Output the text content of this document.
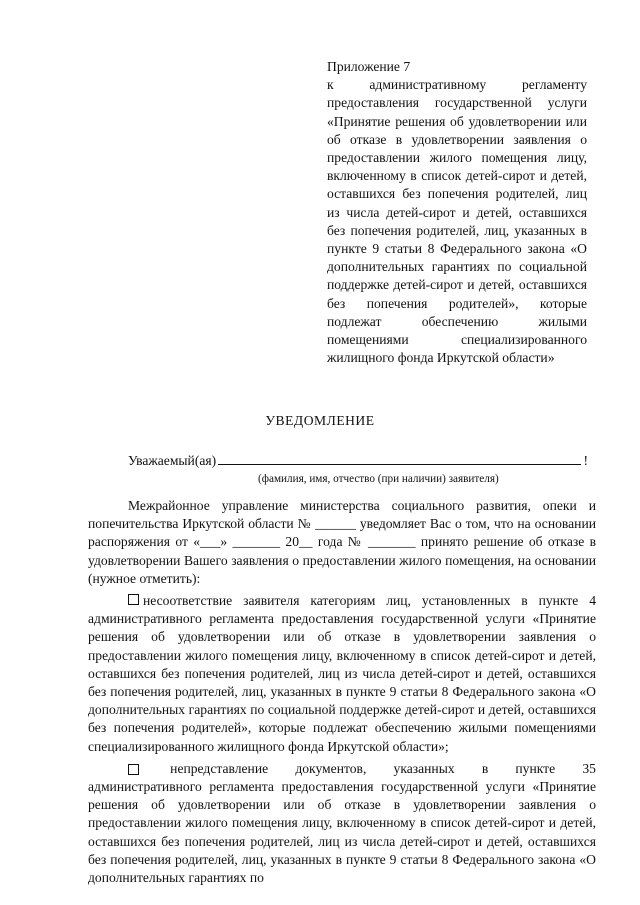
Приложение 7
к административному регламенту предоставления государственной услуги «Принятие решения об удовлетворении или об отказе в удовлетворении заявления о предоставлении жилого помещения лицу, включенному в список детей-сирот и детей, оставшихся без попечения родителей, лиц из числа детей-сирот и детей, оставшихся без попечения родителей, лиц, указанных в пункте 9 статьи 8 Федерального закона «О дополнительных гарантиях по социальной поддержке детей-сирот и детей, оставшихся без попечения родителей», которые подлежат обеспечению жилыми помещениями специализированного жилищного фонда Иркутской области»
УВЕДОМЛЕНИЕ
Уважаемый(ая)	!
(фамилия, имя, отчество (при наличии) заявителя)

Межрайонное управление министерства социального развития, опеки и попечительства Иркутской области № ______ уведомляет Вас о том, что на основании распоряжения от «___» _______ 20__ года № _______ принято решение об отказе в удовлетворении Вашего заявления о предоставлении жилого помещения, на основании (нужное отметить):

несоответствие заявителя категориям лиц, установленных в пункте 4 административного регламента предоставления государственной услуги «Принятие решения об удовлетворении или об отказе в удовлетворении заявления о предоставлении жилого помещения лицу, включенному в список детей-сирот и детей, оставшихся без попечения родителей, лиц из числа детей-сирот и детей, оставшихся без попечения родителей, лиц, указанных в пункте 9 статьи 8 Федерального закона «О дополнительных гарантиях по социальной поддержке детей-сирот и детей, оставшихся без попечения родителей», которые подлежат обеспечению жилыми помещениями специализированного жилищного фонда Иркутской области»;

непредставление документов, указанных в пункте 35

административного регламента предоставления государственной услуги «Принятие решения об удовлетворении или об отказе в удовлетворении заявления о предоставлении жилого помещения лицу, включенному в список детей-сирот и детей, оставшихся без попечения родителей, лиц из числа детей-сирот и детей, оставшихся без попечения родителей, лиц, указанных в пункте 9 статьи 8 Федерального закона «О дополнительных гарантиях по
